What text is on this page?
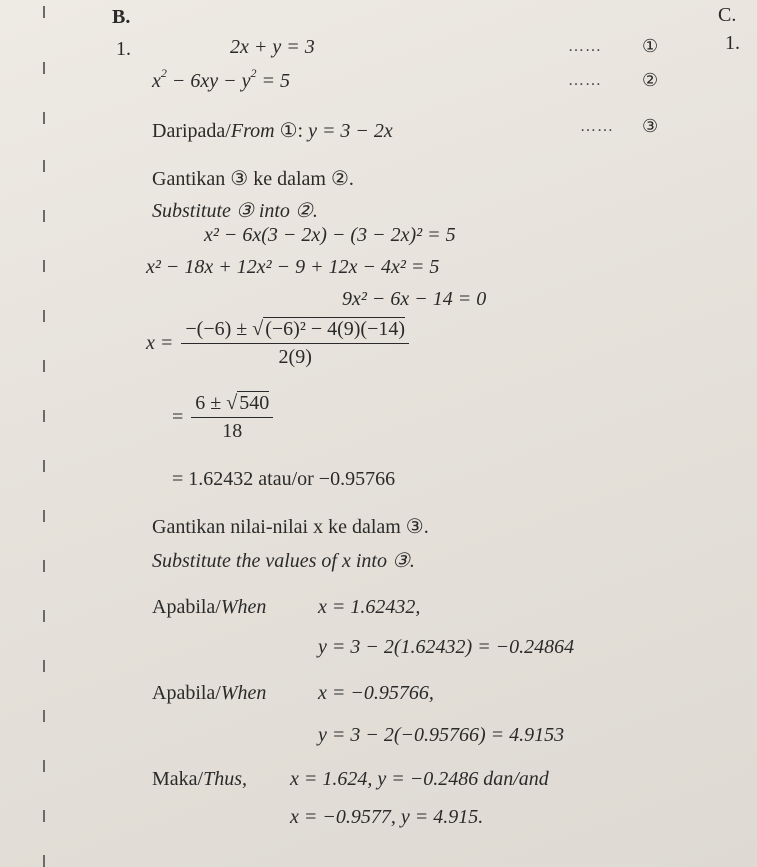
B.	C.
1.
1.	2x + y = 3	…… ①
$x^2 - 6xy - y^2 = 5$	…… ②
Daripada/From ①: y = 3 − 2x	…… ③
Gantikan ③ ke dalam ②.
Substitute ③ into ②.
x² − 6x(3 − 2x) − (3 − 2x)² = 5
x² − 18x + 12x² − 9 + 12x − 4x² = 5
9x² − 6x − 14 = 0
$x = \frac{\text{−(−6) ± √ (−6)² − 4(9)(−14)}}{2(9)}$
= $\frac{6 \pm √ 540}{18}$
= 1.62432 atau/or −0.95766
Gantikan nilai-nilai x ke dalam ③.
Substitute the values of x into ③.
Apabila/When	x = 1.62432,
y = 3 − 2(1.62432) = −0.24864
Apabila/When	x = −0.95766,
y = 3 − 2(−0.95766) = 4.9153
Maka/Thus, x = 1.624, y = −0.2486 dan/and
x = −0.9577, y = 4.915.
